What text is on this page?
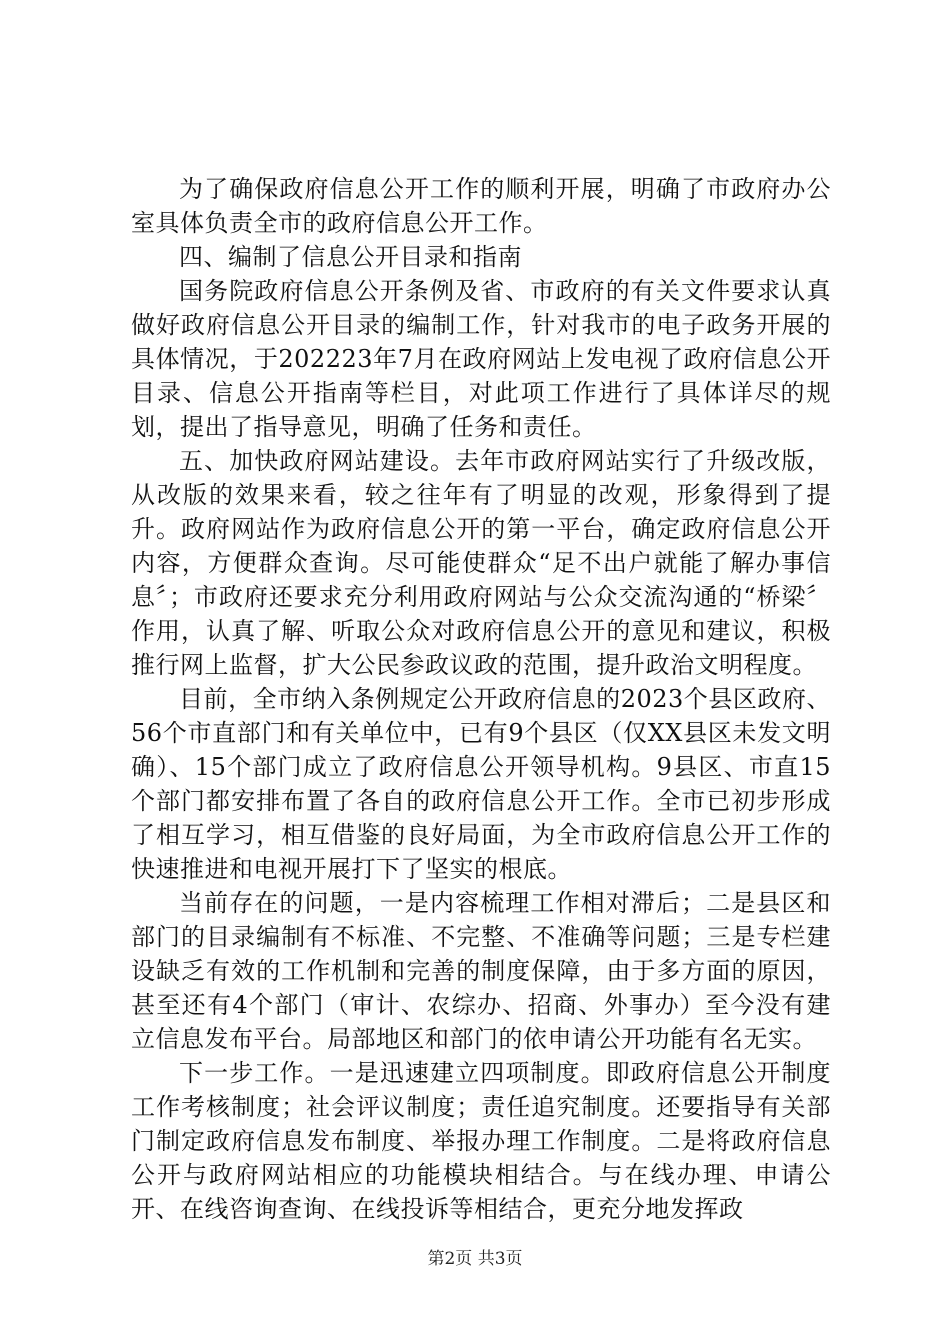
为了确保政府信息公开工作的顺利开展，明确了市政府办公室具体负责全市的政府信息公开工作。

四、编制了信息公开目录和指南

国务院政府信息公开条例及省、市政府的有关文件要求认真做好政府信息公开目录的编制工作，针对我市的电子政务开展的具体情况，于202223年7月在政府网站上发电视了政府信息公开目录、信息公开指南等栏目，对此项工作进行了具体详尽的规划，提出了指导意见，明确了任务和责任。

五、加快政府网站建设。去年市政府网站实行了升级改版，从改版的效果来看，较之往年有了明显的改观，形象得到了提升。政府网站作为政府信息公开的第一平台，确定政府信息公开内容，方便群众查询。尽可能使群众“足不出户就能了解办事信息〞；市政府还要求充分利用政府网站与公众交流沟通的“桥梁〞作用，认真了解、听取公众对政府信息公开的意见和建议，积极推行网上监督，扩大公民参政议政的范围，提升政治文明程度。

目前，全市纳入条例规定公开政府信息的2023个县区政府、56个市直部门和有关单位中，已有9个县区（仅XX县区未发文明确）、15个部门成立了政府信息公开领导机构。9县区、市直15个部门都安排布置了各自的政府信息公开工作。全市已初步形成了相互学习，相互借鉴的良好局面，为全市政府信息公开工作的快速推进和电视开展打下了坚实的根底。

当前存在的问题，一是内容梳理工作相对滞后；二是县区和部门的目录编制有不标准、不完整、不准确等问题；三是专栏建设缺乏有效的工作机制和完善的制度保障，由于多方面的原因，甚至还有4个部门（审计、农综办、招商、外事办）至今没有建立信息发布平台。局部地区和部门的依申请公开功能有名无实。

下一步工作。一是迅速建立四项制度。即政府信息公开制度工作考核制度；社会评议制度；责任追究制度。还要指导有关部门制定政府信息发布制度、举报办理工作制度。二是将政府信息公开与政府网站相应的功能模块相结合。与在线办理、申请公开、在线咨询查询、在线投诉等相结合，更充分地发挥政

第2页 共3页
